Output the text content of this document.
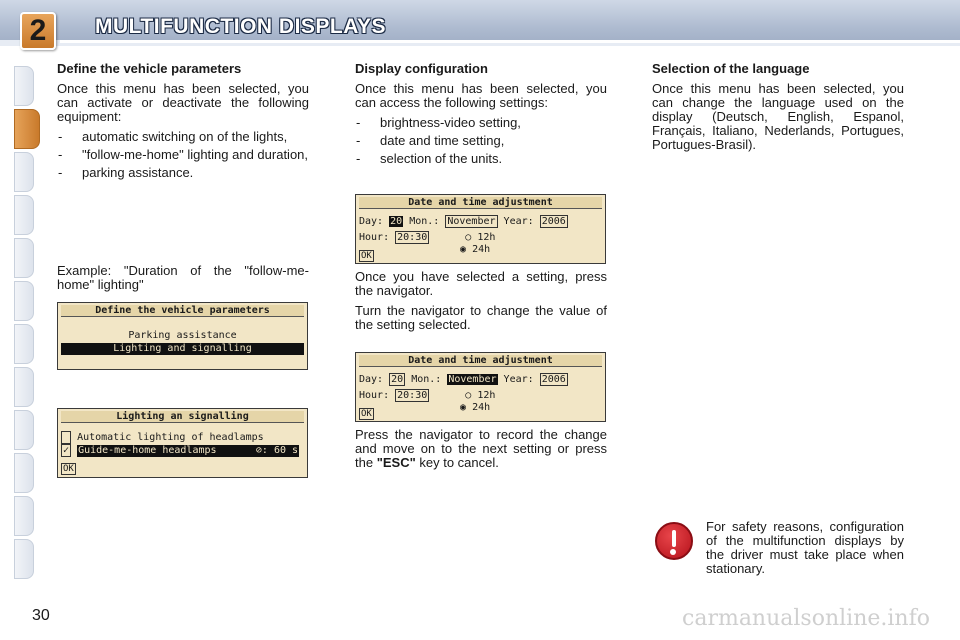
2	MULTIFUNCTION DISPLAYS
Define the vehicle parameters
Once this menu has been selected, you can activate or deactivate the following equipment:
- automatic switching on of the lights,
- "follow-me-home" lighting and duration,
- parking assistance.
Example: "Duration of the "follow-me-home" lighting"
Define the vehicle parameters
Parking assistance
Lighting and signalling
Lighting an signalling
Automatic lighting of headlamps
✓ Guide-me-home headlamps	⊘: 60 s
OK
Display configuration
Once this menu has been selected, you can access the following settings:
- brightness-video setting,
- date and time setting,
- selection of the units.
Date and time adjustment
Day: 20 Mon.: November Year: 2006
Hour: 20:30	○ 12h
◉ 24h
OK
Once you have selected a setting, press the navigator.
Turn the navigator to change the value of the setting selected.
Date and time adjustment
Day: 20 Mon.: November Year: 2006
Hour: 20:30	○ 12h
◉ 24h
OK
Press the navigator to record the change and move on to the next setting or press the "ESC" key to cancel.
Selection of the language
Once this menu has been selected, you can change the language used on the display (Deutsch, English, Espanol, Français, Italiano, Nederlands, Portugues, Portugues-Brasil).
For safety reasons, configuration of the multifunction displays by the driver must take place when stationary.
30	carmanualsonline.info
